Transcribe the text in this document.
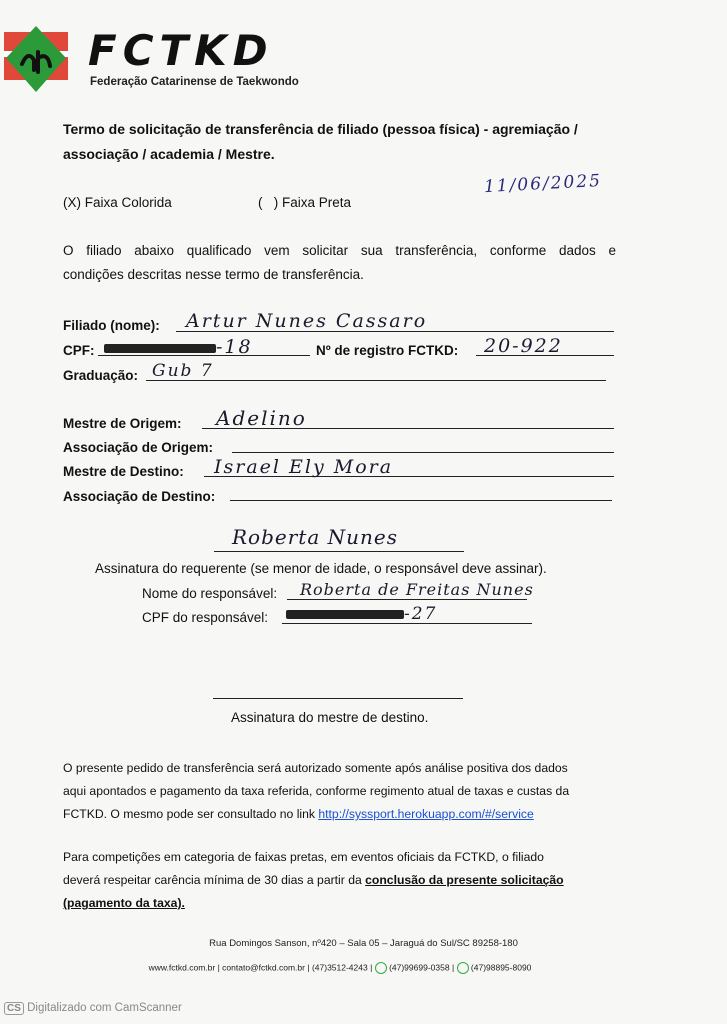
FCTKD
Federação Catarinense de Taekwondo
Termo de solicitação de transferência de filiado (pessoa física) - agremiação /
associação / academia / Mestre.
11/06/2025
(X) Faixa Colorida	(   ) Faixa Preta
O filiado abaixo qualificado vem solicitar sua transferência, conforme dados e
condições descritas nesse termo de transferência.
Filiado (nome): Artur Nunes Cassaro
CPF:	-18	Nº de registro FCTKD: 20-922
Graduação: Gub 7
Mestre de Origem: Adelino
Associação de Origem:
Mestre de Destino: Israel Ely Mora
Associação de Destino:
Roberta Nunes
Assinatura do requerente (se menor de idade, o responsável deve assinar).
Nome do responsável: Roberta de Freitas Nunes
CPF do responsável:	-27
Assinatura do mestre de destino.
O presente pedido de transferência será autorizado somente após análise positiva dos dados
aqui apontados e pagamento da taxa referida, conforme regimento atual de taxas e custas da
FCTKD. O mesmo pode ser consultado no link http://syssport.herokuapp.com/#/service
Para competições em categoria de faixas pretas, em eventos oficiais da FCTKD, o filiado
deverá respeitar carência mínima de 30 dias a partir da conclusão da presente solicitação
(pagamento da taxa).
Rua Domingos Sanson, nº420 – Sala 05 – Jaraguá do Sul/SC 89258-180
www.fctkd.com.br | contato@fctkd.com.br | (47)3512-4243 | (47)99699-0358 | (47)98895-8090
CS Digitalizado com CamScanner
